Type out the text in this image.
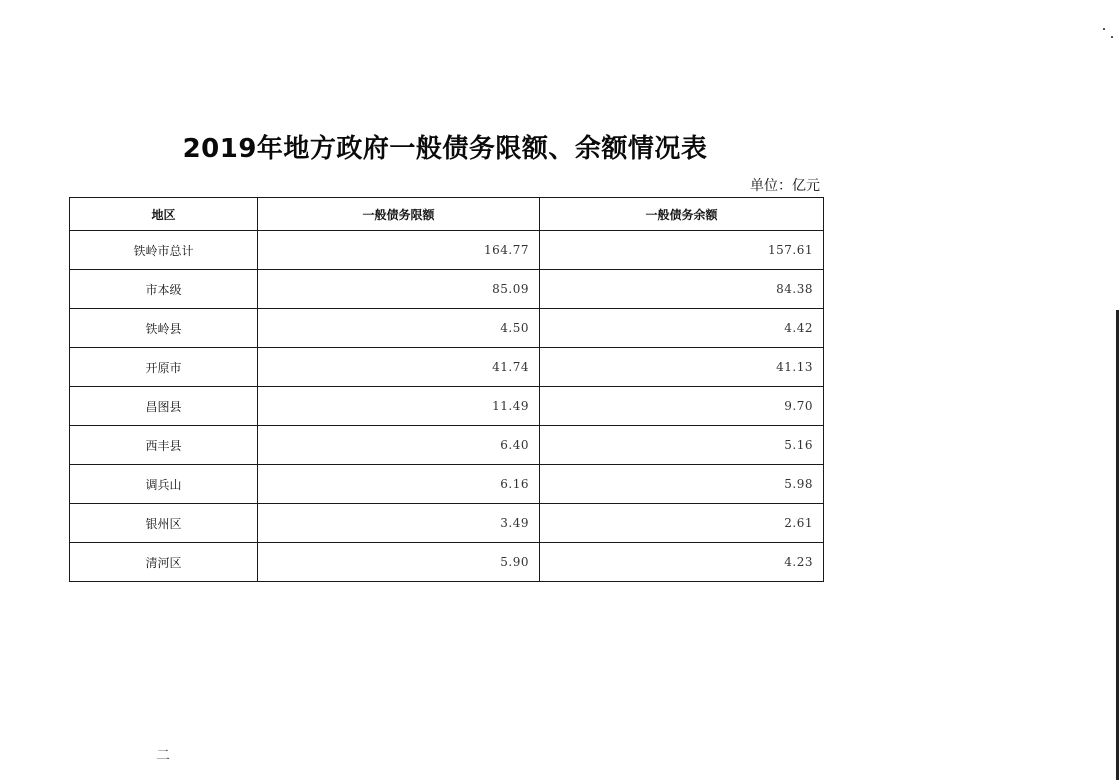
2019年地方政府一般债务限额、余额情况表
单位：亿元
地区	一般债务限额	一般债务余额
铁岭市总计	164.77	157.61
市本级	85.09	84.38
铁岭县	4.50	4.42
开原市	41.74	41.13
昌图县	11.49	9.70
西丰县	6.40	5.16
调兵山	6.16	5.98
银州区	3.49	2.61
清河区	5.90	4.23
二
